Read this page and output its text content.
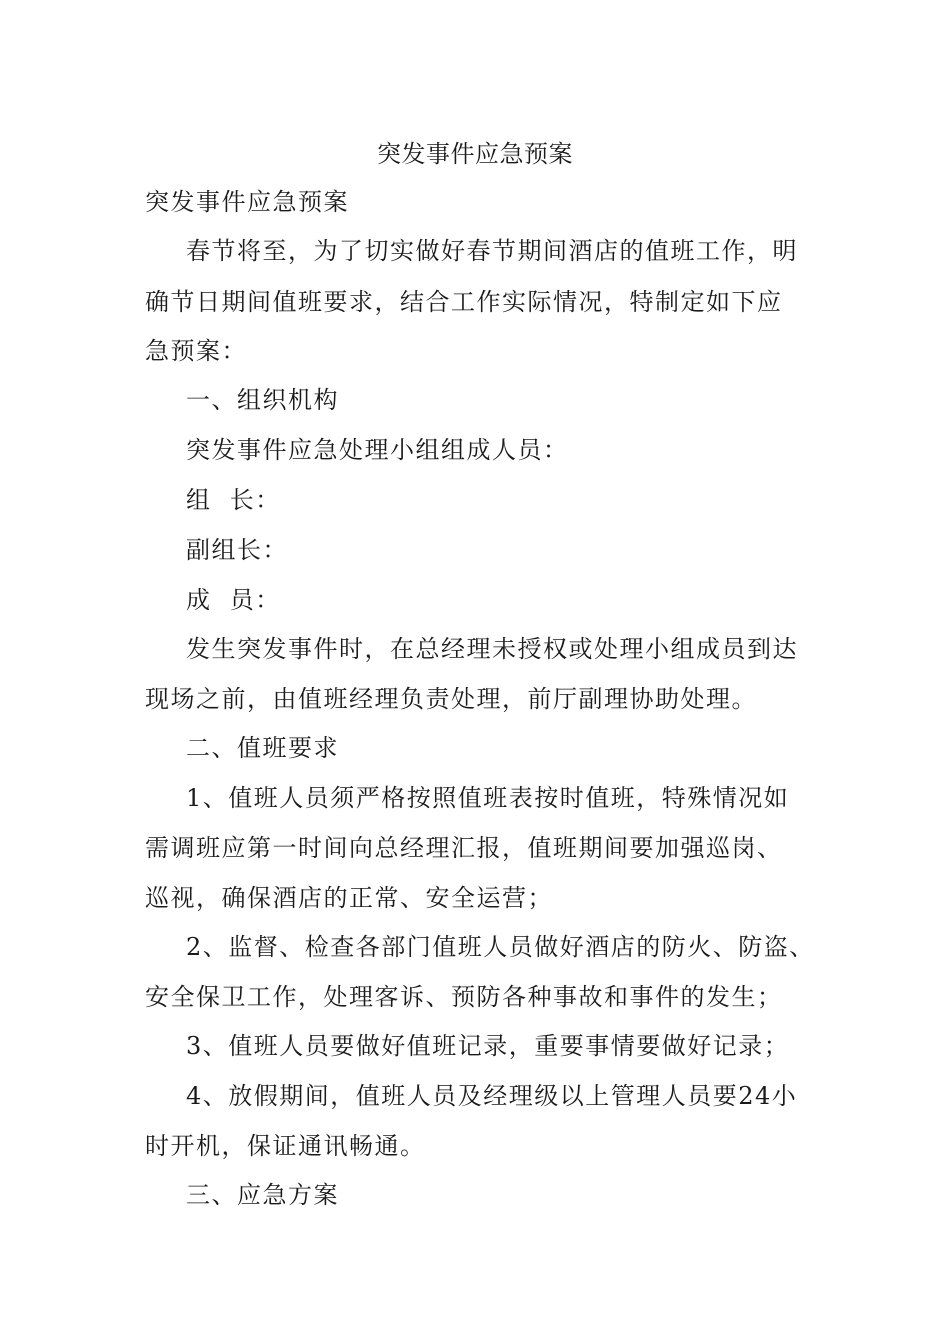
突发事件应急预案
突发事件应急预案
春节将至，为了切实做好春节期间酒店的值班工作，明
确节日期间值班要求，结合工作实际情况，特制定如下应
急预案：
一、组织机构
突发事件应急处理小组组成人员：
组  长：
副组长：
成  员：
发生突发事件时，在总经理未授权或处理小组成员到达
现场之前，由值班经理负责处理，前厅副理协助处理。
二、值班要求
1、值班人员须严格按照值班表按时值班，特殊情况如
需调班应第一时间向总经理汇报，值班期间要加强巡岗、
巡视，确保酒店的正常、安全运营；
2、监督、检查各部门值班人员做好酒店的防火、防盗、
安全保卫工作，处理客诉、预防各种事故和事件的发生；
3、值班人员要做好值班记录，重要事情要做好记录；
4、放假期间，值班人员及经理级以上管理人员要24小
时开机，保证通讯畅通。
三、应急方案
